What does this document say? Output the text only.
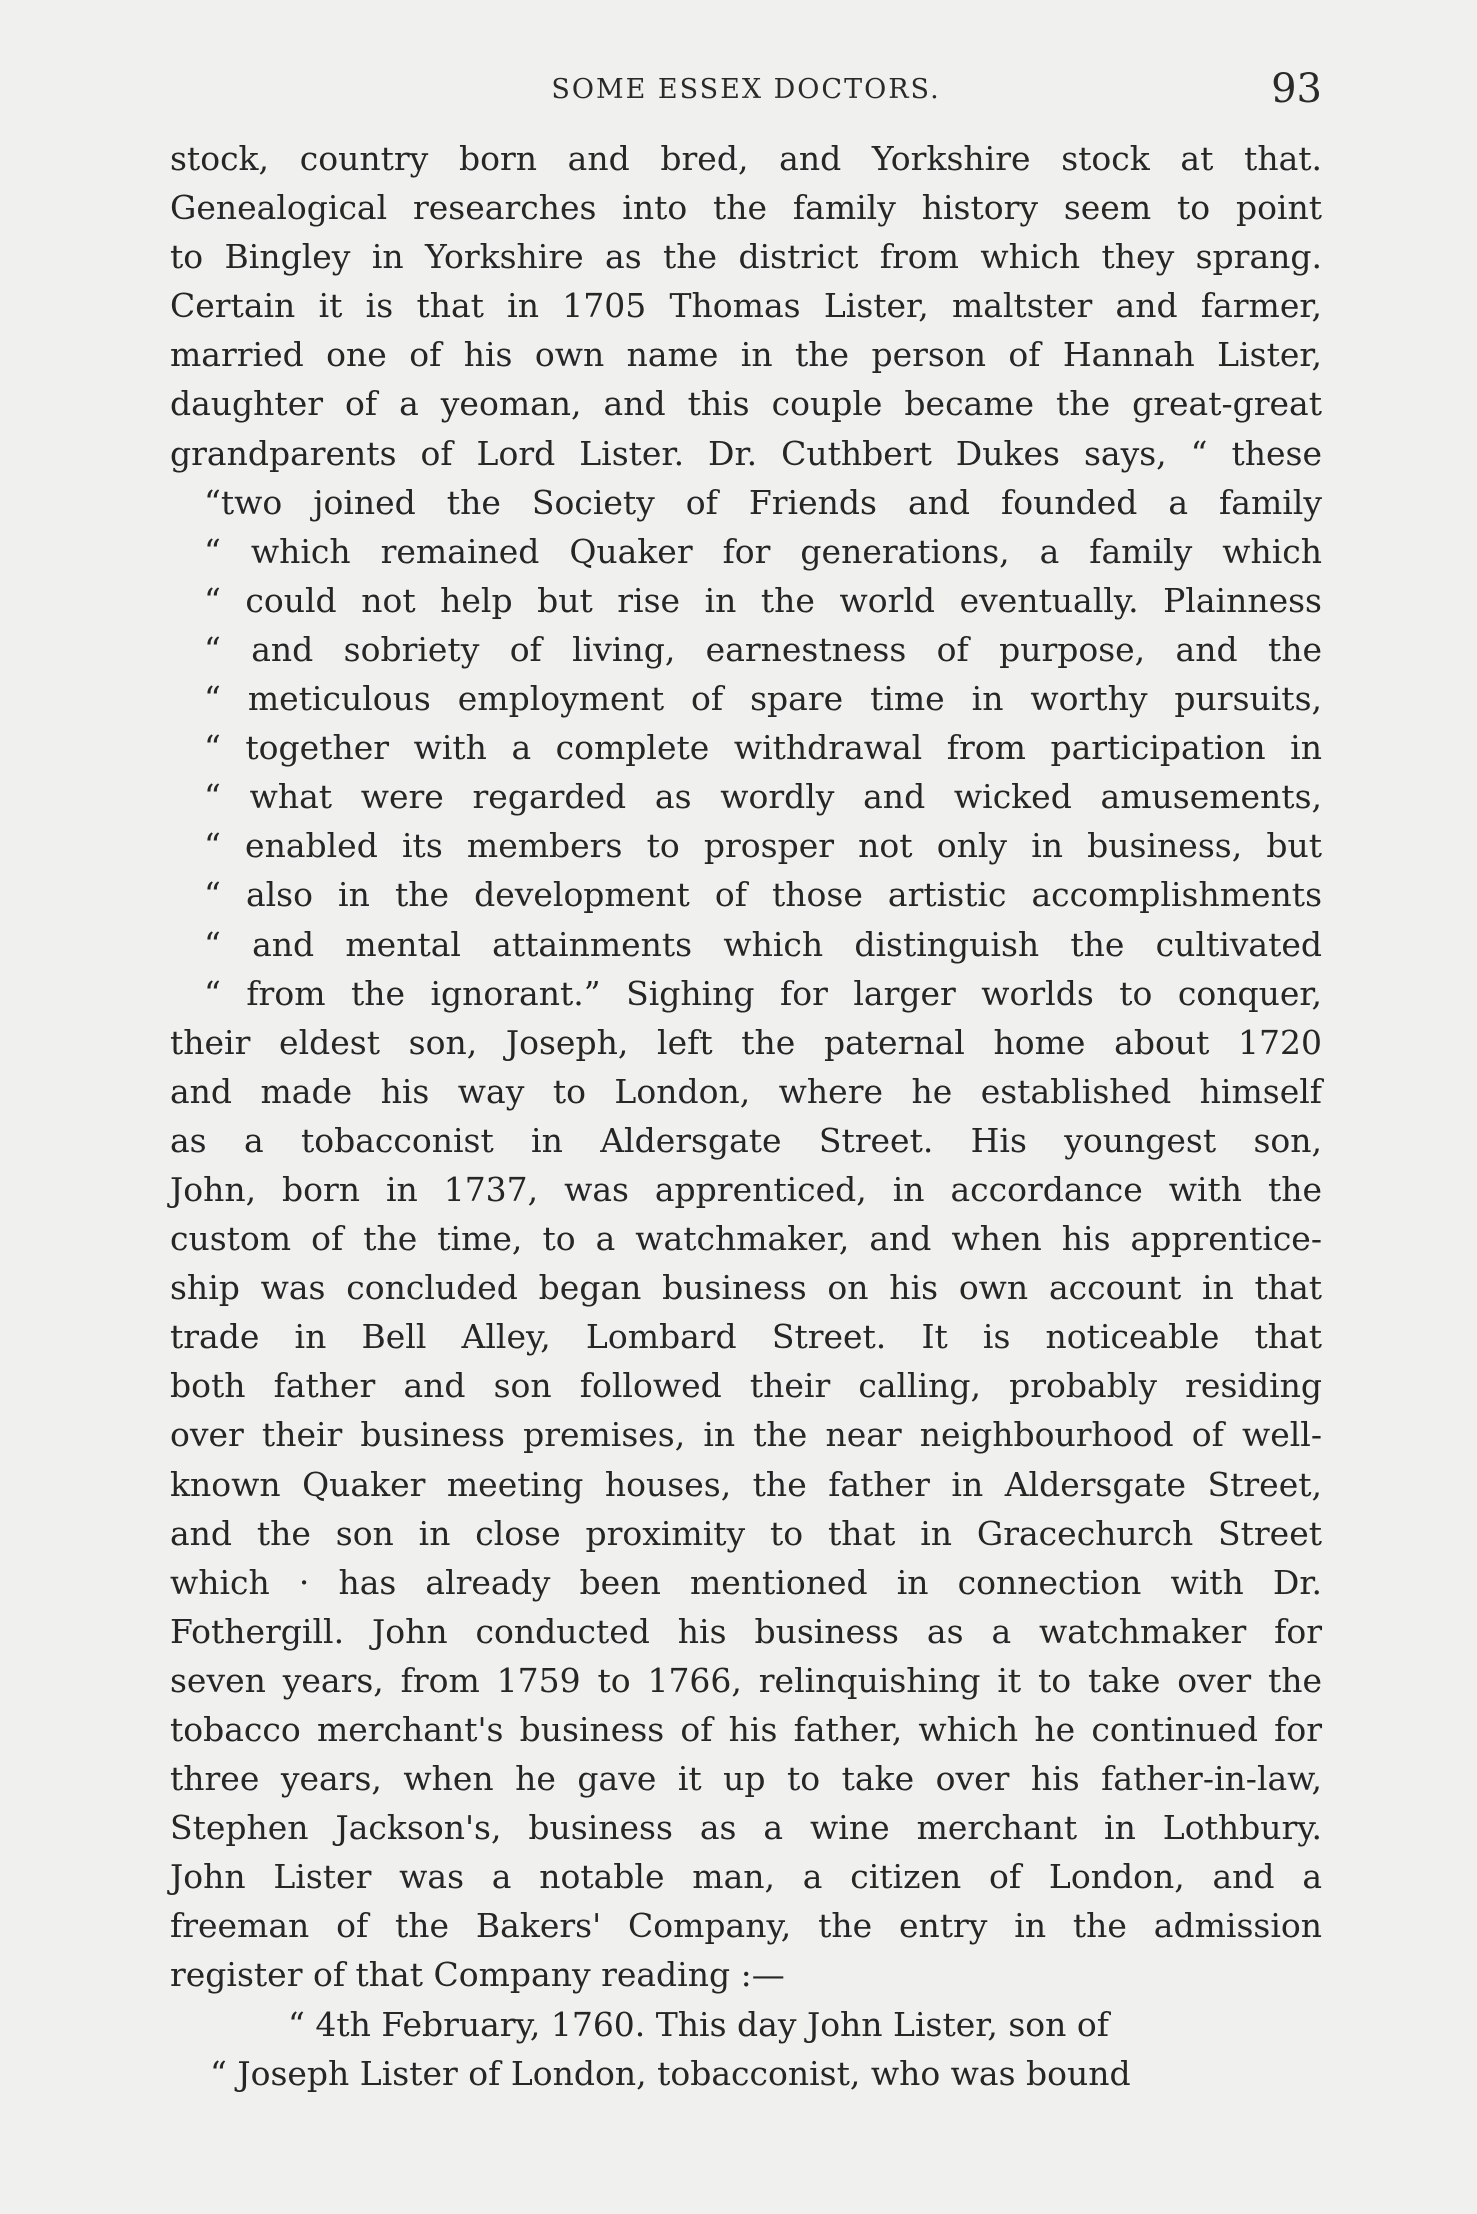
SOME ESSEX DOCTORS.	93
stock, country born and bred, and Yorkshire stock at that.
Genealogical researches into the family history seem to point
to Bingley in Yorkshire as the district from which they sprang.
Certain it is that in 1705 Thomas Lister, maltster and farmer,
married one of his own name in the person of Hannah Lister,
daughter of a yeoman, and this couple became the great-great
grandparents of Lord Lister. Dr. Cuthbert Dukes says, “ these
“two joined the Society of Friends and founded a family
“ which remained Quaker for generations, a family which
“ could not help but rise in the world eventually. Plainness
“ and sobriety of living, earnestness of purpose, and the
“ meticulous employment of spare time in worthy pursuits,
“ together with a complete withdrawal from participation in
“ what were regarded as wordly and wicked amusements,
“ enabled its members to prosper not only in business, but
“ also in the development of those artistic accomplishments
“ and mental attainments which distinguish the cultivated
“ from the ignorant.” Sighing for larger worlds to conquer,
their eldest son, Joseph, left the paternal home about 1720
and made his way to London, where he established himself
as a tobacconist in Aldersgate Street. His youngest son,
John, born in 1737, was apprenticed, in accordance with the
custom of the time, to a watchmaker, and when his apprentice-
ship was concluded began business on his own account in that
trade in Bell Alley, Lombard Street. It is noticeable that
both father and son followed their calling, probably residing
over their business premises, in the near neighbourhood of well-
known Quaker meeting houses, the father in Aldersgate Street,
and the son in close proximity to that in Gracechurch Street
which · has already been mentioned in connection with Dr.
Fothergill. John conducted his business as a watchmaker for
seven years, from 1759 to 1766, relinquishing it to take over the
tobacco merchant's business of his father, which he continued for
three years, when he gave it up to take over his father-in-law,
Stephen Jackson's, business as a wine merchant in Lothbury.
John Lister was a notable man, a citizen of London, and a
freeman of the Bakers' Company, the entry in the admission
register of that Company reading :—
“ 4th February, 1760. This day John Lister, son of
“ Joseph Lister of London, tobacconist, who was bound
